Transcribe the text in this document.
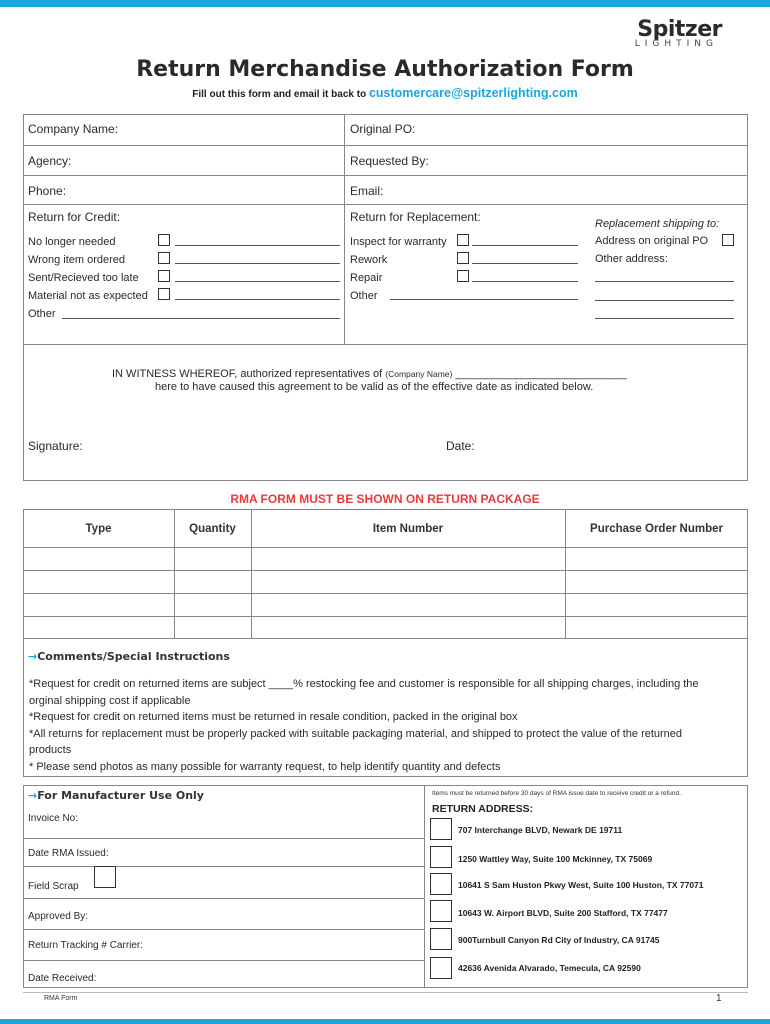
Spitzer
LIGHTING
Return Merchandise Authorization Form
Fill out this form and email it back to customercare@spitzerlighting.com
Company Name:	Original PO:
Agency:	Requested By:
Phone:	Email:
Return for Credit:
No longer needed
Wrong item ordered
Sent/Recieved too late
Material not as expected
Other
Return for Replacement:
Inspect for warranty
Rework
Repair
Other
Replacement shipping to:
Address on original PO
Other address:
IN WITNESS WHEREOF, authorized representatives of (Company Name) ____________________________
here to have caused this agreement to be valid as of the effective date as indicated below.
Signature:	Date:
RMA FORM MUST BE SHOWN ON RETURN PACKAGE
Type	Quantity	Item Number	Purchase Order Number
→Comments/Special Instructions
*Request for credit on returned items are subject ____% restocking fee and customer is responsible for all shipping charges, including the
orginal shipping cost if applicable
*Request for credit on returned items must be returned in resale condition, packed in the original box
*All returns for replacement must be properly packed with suitable packaging material, and shipped to protect the value of the returned
products
* Please send photos as many possible for warranty request, to help identify quantity and defects
→For Manufacturer Use Only
Invoice No:
Date RMA Issued:
Field Scrap
Approved By:
Return Tracking # Carrier:
Date Received:
Items must be returned before 30 days of RMA issue date to receive credit or a refund.
RETURN ADDRESS:
707 Interchange BLVD, Newark DE 19711
1250 Wattley Way, Suite 100 Mckinney, TX 75069
10641 S Sam Huston Pkwy West, Suite 100 Huston, TX 77071
10643 W. Airport BLVD, Suite 200 Stafford, TX 77477
900Turnbull Canyon Rd City of Industry, CA 91745
42636 Avenida Alvarado, Temecula, CA 92590
RMA Form	1
